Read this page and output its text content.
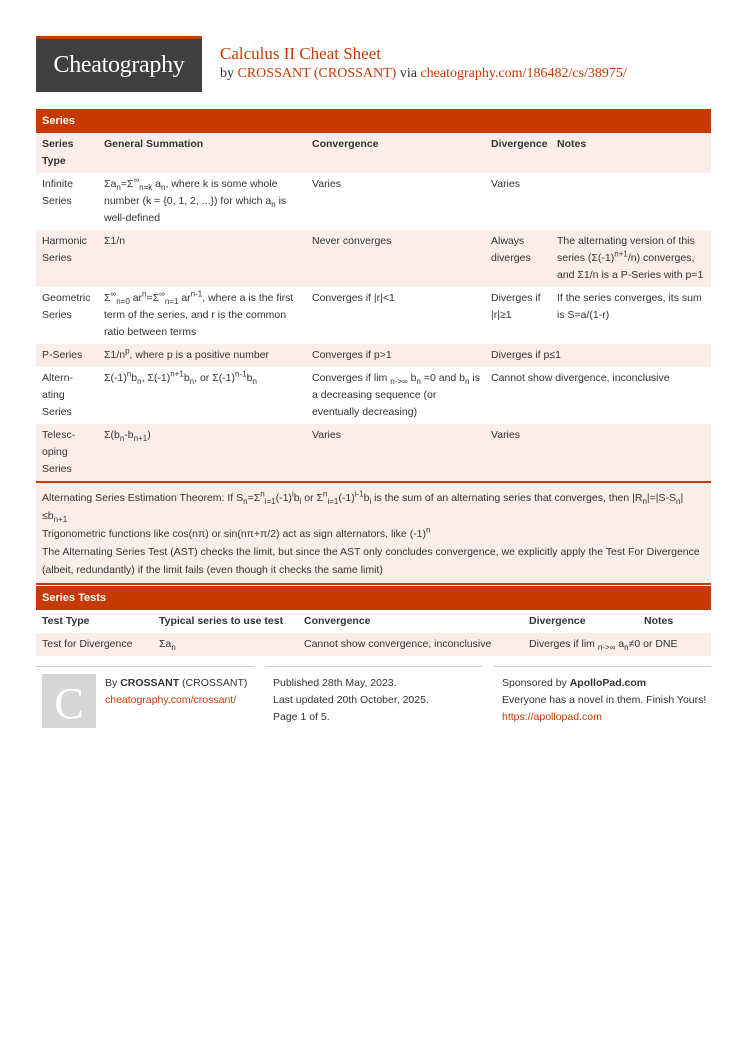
Cheatography	Calculus II Cheat Sheet
by CROSSANT (CROSSANT) via cheatography.com/186482/cs/38975/
Series
Series Type	General Summation	Convergence	Divergence	Notes
Infinite Series	$\Sigma a_n=\Sigma^\infty_{n=k}$ $a_n$, where k is some whole number (k = {0, 1, 2, ...}) for which $a_n$ is well-defined	Varies	Varies	
Harmonic Series	Σ1/n	Never converges	Always diverges	The alternating version of this series $(\Sigma(-1)^{n+1}/n)$ converges, and Σ1/n is a P-Series with p=1
Geometric Series	$\Sigma^\infty_{n=0}$ $ar^n=\Sigma^\infty_{n=1}$ $ar^{n-1}$, where a is the first term of the series, and r is the common ratio between terms	Converges if |r|<1	Diverges if |r|≥1	If the series converges, its sum is S=a/(1-r)
P-Series	$\Sigma 1/n^p$, where p is a positive number	Converges if p>1	Diverges if p≤1	
Altern-ating Series	$\Sigma(-1)^nb_n$, $\Sigma(-1)^{n+1}b_n$, or $\Sigma(-1)^{n-1}b_n$	Converges if lim $_{n->\infty}$ $b_n =0$ and $b_n$ is a decreasing sequence (or eventually decreasing)	Cannot show divergence, inconclusive	
Telesc-oping Series	$\Sigma(b_n-b_{n+1})$	Varies	Varies	

Alternating Series Estimation Theorem: If $S_n=\Sigma^n_{i=1}(-1)^ib_i$ or $\Sigma^n_{i=1}(-1)^{i-1}b_i$ is the sum of an alternating series that converges, then $|R_n|=|S-S_n| \le b_{n+1}$

Trigonometric functions like cos(nπ) or sin(nπ+π/2) act as sign alternators, like $(-1)^n$

The Alternating Series Test (AST) checks the limit, but since the AST only concludes convergence, we explicitly apply the Test For Divergence (albeit, redundantly) if the limit fails (even though it checks the same limit)

Series Tests
Test Type	Typical series to use test	Convergence	Divergence	Notes
Test for Divergence	$\Sigma a_n$	Cannot show convergence, inconclusive	Diverges if lim $_{n->\infty}$ $a_n\ne 0$ or DNE	
C	By CROSSANT (CROSSANT)
cheatography.com/crossant/
Published 28th May, 2023.
Last updated 20th October, 2025.
Page 1 of 5.
Sponsored by ApolloPad.com
Everyone has a novel in them. Finish Yours!
https://apollopad.com
